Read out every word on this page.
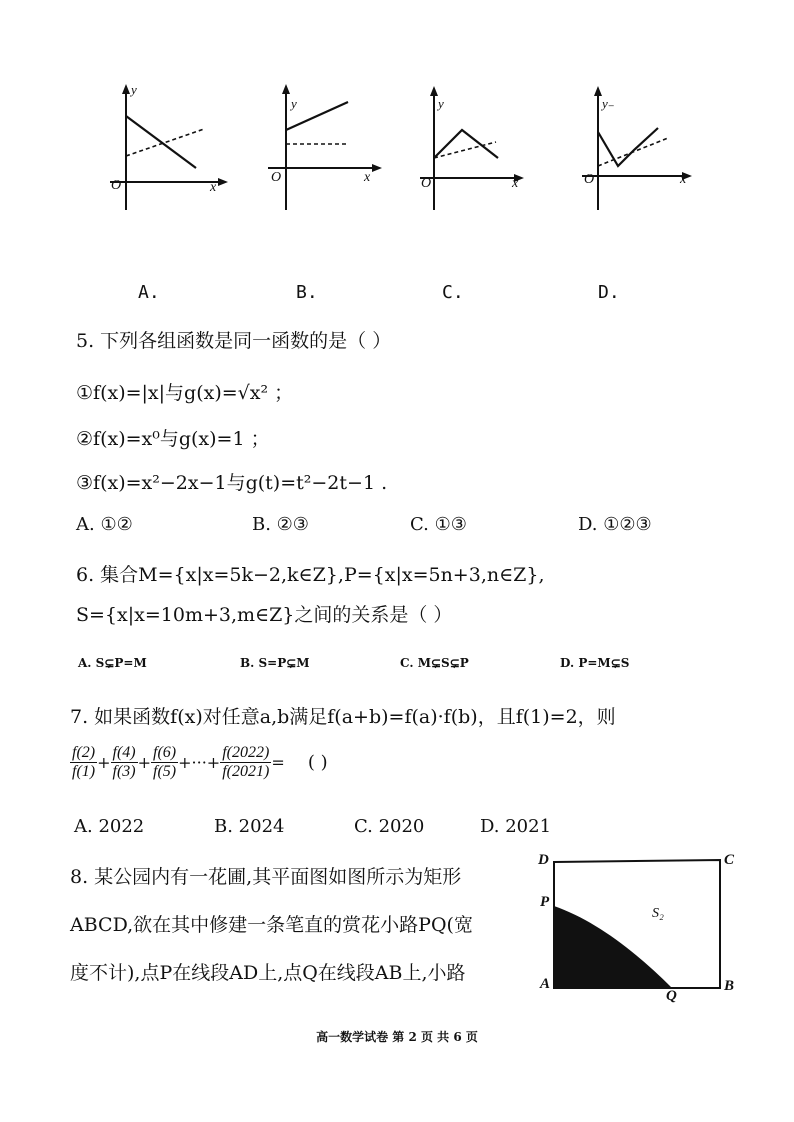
y
O	x
y
O	x
y
O	x
y₋
O	x
A.	B.	C.	D.
5. 下列各组函数是同一函数的是（ ）
①f(x)=|x|与g(x)=√x² ；
②f(x)=x⁰与g(x)=1 ；
③f(x)=x²−2x−1与g(t)=t²−2t−1 .
A. ①②	B. ②③	C. ①③	D. ①②③
6. 集合M={x|x=5k−2,k∈Z},P={x|x=5n+3,n∈Z},
S={x|x=10m+3,m∈Z}之间的关系是（ ）
A. S⊊P=M	B. S=P⊊M	C. M⊊S⊊P	D. P=M⊊S
7. 如果函数f(x)对任意a,b满足f(a+b)=f(a)·f(b)，且f(1)=2，则
$\frac{f(2)}{f(1)} + \frac{f(4)}{f(3)} + \frac{f(6)}{f(5)}$ +···+ $\frac{f(2022)}{f(2021)}$ = ( )
A. 2022	B. 2024	C. 2020	D. 2021
8. 某公园内有一花圃,其平面图如图所示为矩形
ABCD,欲在其中修建一条笔直的赏花小路PQ(宽
度不计),点P在线段AD上,点Q在线段AB上,小路
D	C
P
S₂
A
Q
B
高一数学试卷 第 2 页 共 6 页
